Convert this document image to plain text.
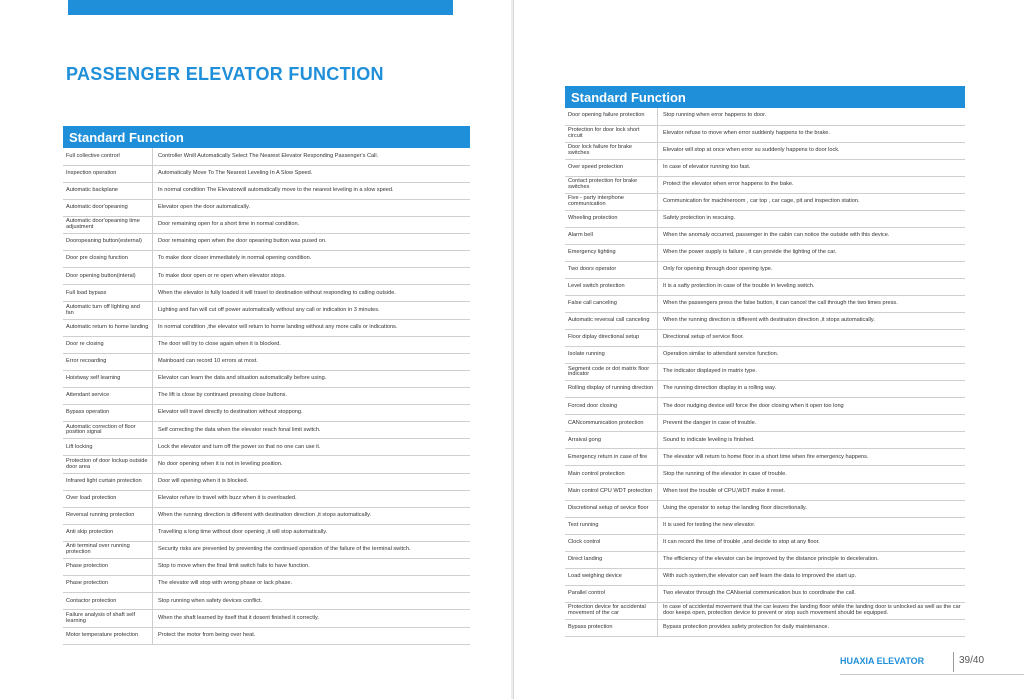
PASSENGER ELEVATOR FUNCTION
Standard Function
Full collective controrl	Controller Wnill Automatically Select The Nearest Elevator Responding Passenger's Call.
Inspection operation	Automatically Move To The Nearest Leveling In A Slow Speed.
Automatic backplane	In normal condition The Elevatorwill automatically move to the nearest leveling in a slow speed.
Automatic door'opeaning	Elevator open the door automatically.
Automatic door'opeaning time adjustment	Door remaining open for a short time in normal condition.
Dooropeaning button(esternal)	Door remaining open when the door opeaning button was pused on.
Door pre closing function	To make door closer immediately in normal opening condition.
Door opening button(interal)	To make door open or re open when elevator stops.
Full load bypass	When the elevator is fully loaded it will travel to destination without responding to calling outside.
Automatic turn off lighting and fan	Lighting and fan will cut off power automatically without any call or indication in 3 minutes.
Automatic return to home landing	In normal condition ,the elevator will return to home landing without any more calls or indications.
Door re closing	The door will try to close again when it is blocked.
Error recoarding	Mainboard can record 10 errors at most.
Hoistway self learning	Elevator can learn the data and situation automatically before using.
Attendant service	The lift is close by continued pressing close buttons.
Bypass operation	Elevator will travel directly to destination without stoppong.
Automatic correction of floor position signal	Self correcting the data when the elevator reach fonal limit switch.
Lift locking	Lock the elevator and turn off the power so that no one can use it.
Protection of door lockup outside door area	No door opening when it is not in leveling position.
Infrared light curtain protection	Door will opening when it is blocked.
Over load protection	Elevator refure to travel with buzz when it is overloaded.
Reversal running protection	When the running direction is different with destination direction ,it stops automatically.
Anti skip protection	Travelling a long time without door opening ,it will stop automatically.
Anti terminal over running protection	Security risks are prevented by preventing the continued operation of the failure of the terminal switch.
Phase protection	Stop to move when the final limit switch fails to have function.
Phase protection	The elevator will stop with wrong phase or lack phase.
Contactor protection	Stop running when safety devices conflict.
Failure analysis of shaft self learning	When the shaft learned by itself that it dosent finished it correctly.
Motor temperature protection	Protect the motor from being over heat.
Standard Function
Door opening failure protection	Stop running when error happens to door.
Protection for door lock short circuit	Elevator refuse to move when error suddenly happens to the brake.
Door lock failure for brake switches	Elevator will stop at once when error su suddenly happens to door lock.
Over speed protection	In case of elevator running too fast.
Contact protection for brake switches	Protect the elevator when error happens to the bake.
Five - party interphone communication	Communication for machineroom , car top , car cage, pit and inspection station.
Wheeling protection	Safety protection in rescuing.
Alarm bell	When the anomaly occurred, passenger in the cabin can notice the outside with this device.
Emergency lighting	When the power supply is failure , it can provide the lighting of the car.
Two doors operator	Only for opening through door opening type.
Level switch protection	It is a safty protection in case of the trouble in leveling switch.
False call canceling	When the passengers press the false button, it can cancel the call through the two times press.
Automatic reversal call canceling	When the running direction is different with destinaton direction ,it stops automatically.
Floor diplay directional setup	Directional setup of service floor.
Isolate running	Operation similar to attendant service function.
Segment code or dot matrix floor indicator	The indicator displayed in matrix type.
Rolling display of running direction	The running dirrection display in a rolling way.
Forced door closing	The door nudging device will force the door closing when it open too long
CANcommunication protection	Prevent the danger in case of trouble.
Arraival gong	Sound to indicate leveling is finished.
Emergency return in case of fire	The elevator will return to home floor in a short time when fire emergency happens.
Main control protection	Stop the running of the elevator in case of trouble.
Main control CPU WDT protection	When test the trouble of CPU,WDT make it reset.
Discretional setup of sevice floor	Using the operator to setup the landing floor discretionally.
Test running	It is used for testing the new elevator.
Clock control	It can record the time of trouble ,and decide to stop at any floor.
Direct landing	The efficiency of the elevator can be improved by the distance principle to deceleration.
Load weighing device	With such system,the elevator can self learn the data to improved the start up.
Parallel control	Two elevator through the CANserial communication bus to coordinate the call.
Protection device for accidental movement of the car	In case of accidental movement that the car leaves the landing floor while the landing door is unlocked as well as the car door keeps open, protection device to prevent or stop such movement should be equipped.
Bypass protection	Bypass protection provides safety protection for daily maintenance.
HUAXIA ELEVATOR	39/40
